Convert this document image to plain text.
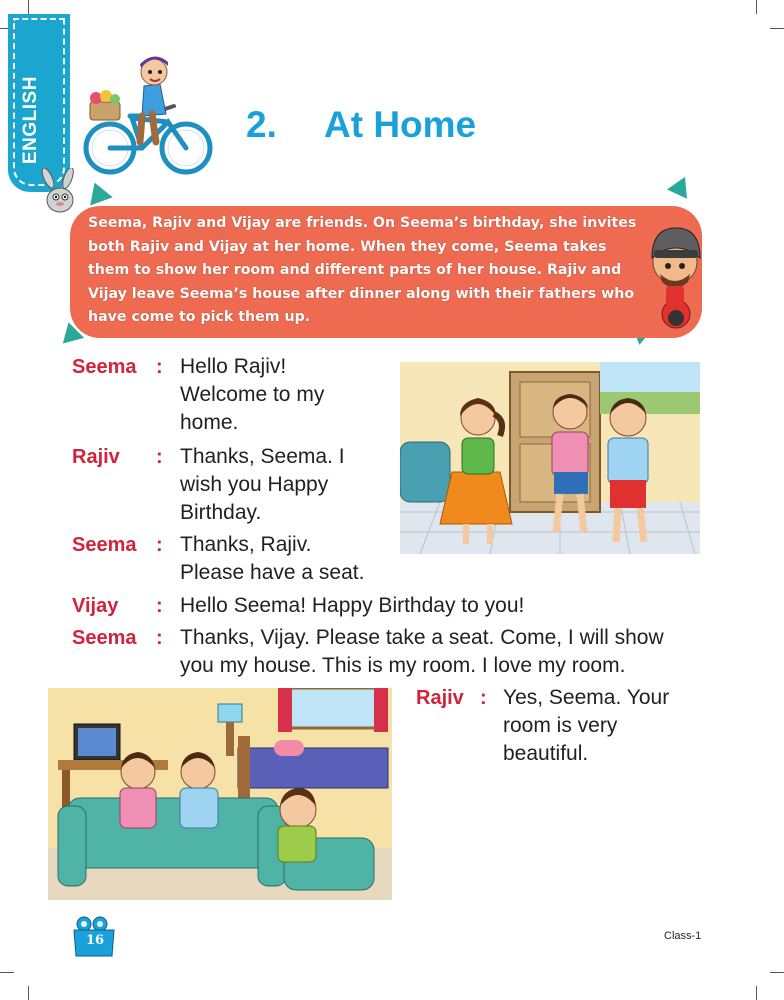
ENGLISH	2. At Home
Seema, Rajiv and Vijay are friends. On Seema’s birthday, she invites
both Rajiv and Vijay at her home. When they come, Seema takes
them to show her room and different parts of her house. Rajiv and
Vijay leave Seema’s house after dinner along with their fathers who
have come to pick them up.
Seema : Hello Rajiv!
Welcome to my
home.
Rajiv : Thanks, Seema. I
wish you Happy
Birthday.
Seema : Thanks, Rajiv.
Please have a seat.
Vijay : Hello Seema! Happy Birthday to you!
Seema : Thanks, Vijay. Please take a seat. Come, I will show
you my house. This is my room. I love my room.
Rajiv : Yes, Seema. Your
room is very
beautiful.
16	Class-1
